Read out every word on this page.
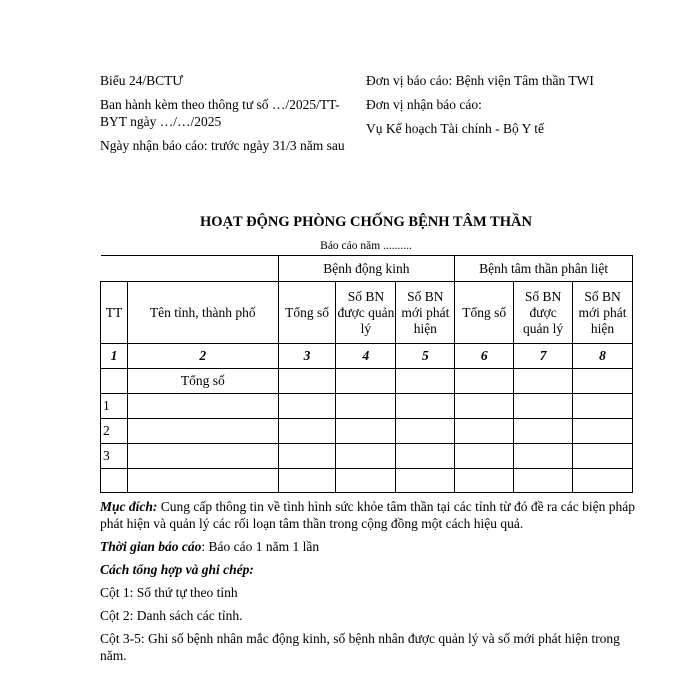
Biểu 24/BCTƯ

Ban hành kèm theo thông tư số …/2025/TT-BYT ngày …/…/2025

Ngày nhận báo cáo: trước ngày 31/3 năm sau

Đơn vị báo cáo: Bệnh viện Tâm thần TWI

Đơn vị nhận báo cáo:

Vụ Kế hoạch Tài chính - Bộ Y tế

HOẠT ĐỘNG PHÒNG CHỐNG BỆNH TÂM THẦN
Báo cáo năm ..........
		Bệnh động kinh			Bệnh tâm thần phân liệt		
TT	Tên tỉnh, thành phố	Tổng số	Số BN được quản lý	Số BN mới phát hiện	Tổng số	Số BN được quản lý	Số BN mới phát hiện
1	2	3	4	5	6	7	8
	Tổng số						
1							
2							
3							

Mục đích: Cung cấp thông tin về tình hình sức khỏe tâm thần tại các tỉnh từ đó đề ra các biện pháp phát hiện và quản lý các rối loạn tâm thần trong cộng đồng một cách hiệu quả.

Thời gian báo cáo: Báo cáo 1 năm 1 lần

Cách tổng hợp và ghi chép:

Cột 1: Số thứ tự theo tỉnh

Cột 2: Danh sách các tỉnh.

Cột 3-5: Ghi số bệnh nhân mắc động kinh, số bệnh nhân được quản lý và số mới phát hiện trong năm.
